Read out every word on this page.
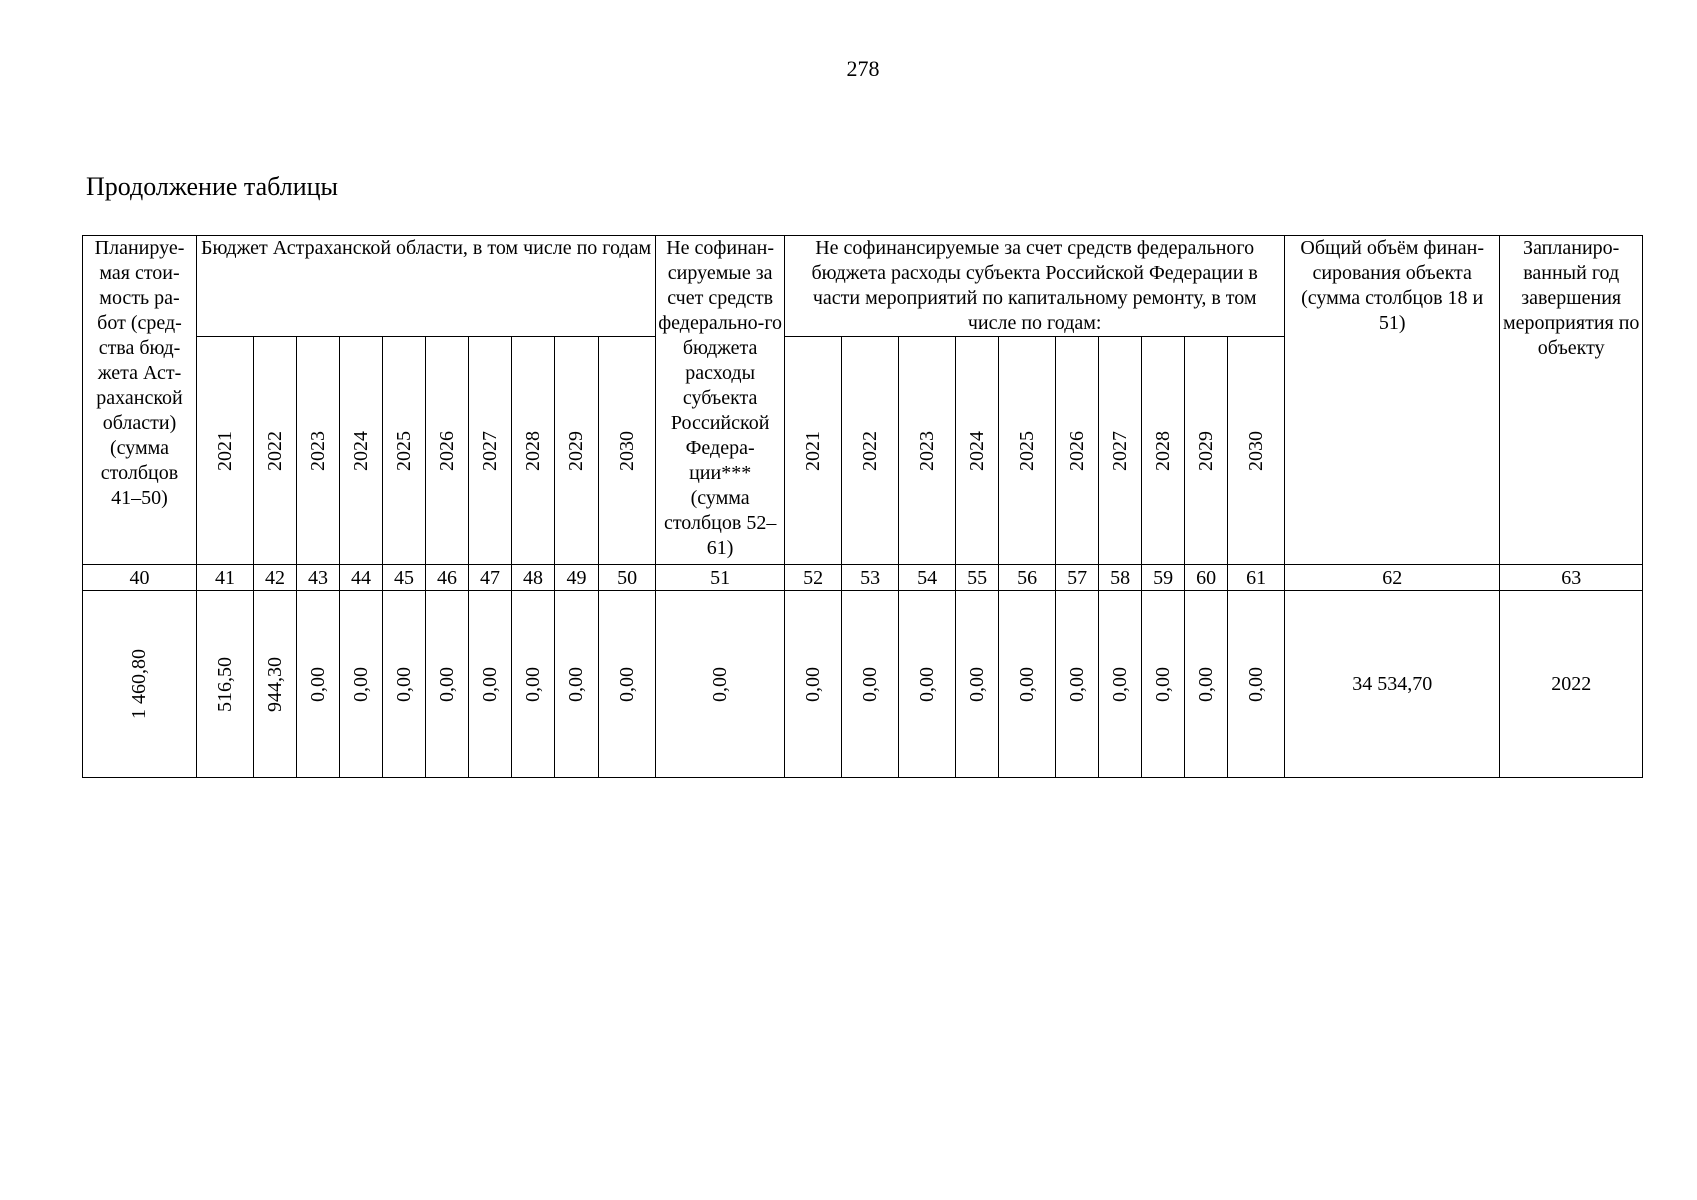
278
Продолжение таблицы
Планируе-мая стои-мость ра-бот (сред-ства бюд-жета Аст-раханской области) (сумма столбцов 41–50)	Бюджет Астраханской области, в том числе по годам										Не софинан-сируемые за счет средств федерально-го бюджета расходы субъекта Российской Федера-ции*** (сумма столбцов 52–61)	Не софинансируемые за счет средств федерального бюджета расходы субъекта Российской Федерации в части мероприятий по капитальному ремонту, в том числе по годам:										Общий объём финан-сирования объекта (сумма столбцов 18 и 51)	Запланиро-ванный год завершения мероприятия по объекту

	2021	2022	2023	2024	2025	2026	2027	2028	2029	2030		2021	2022	2023	2024	2025	2026	2027	2028	2029	2030		

40	41	42	43	44	45	46	47	48	49	50	51	52	53	54	55	56	57	58	59	60	61	62	63

1 460,80	516,50	944,30	0,00	0,00	0,00	0,00	0,00	0,00	0,00	0,00	0,00	0,00	0,00	0,00	0,00	0,00	0,00	0,00	0,00	0,00	0,00	34 534,70	2022
